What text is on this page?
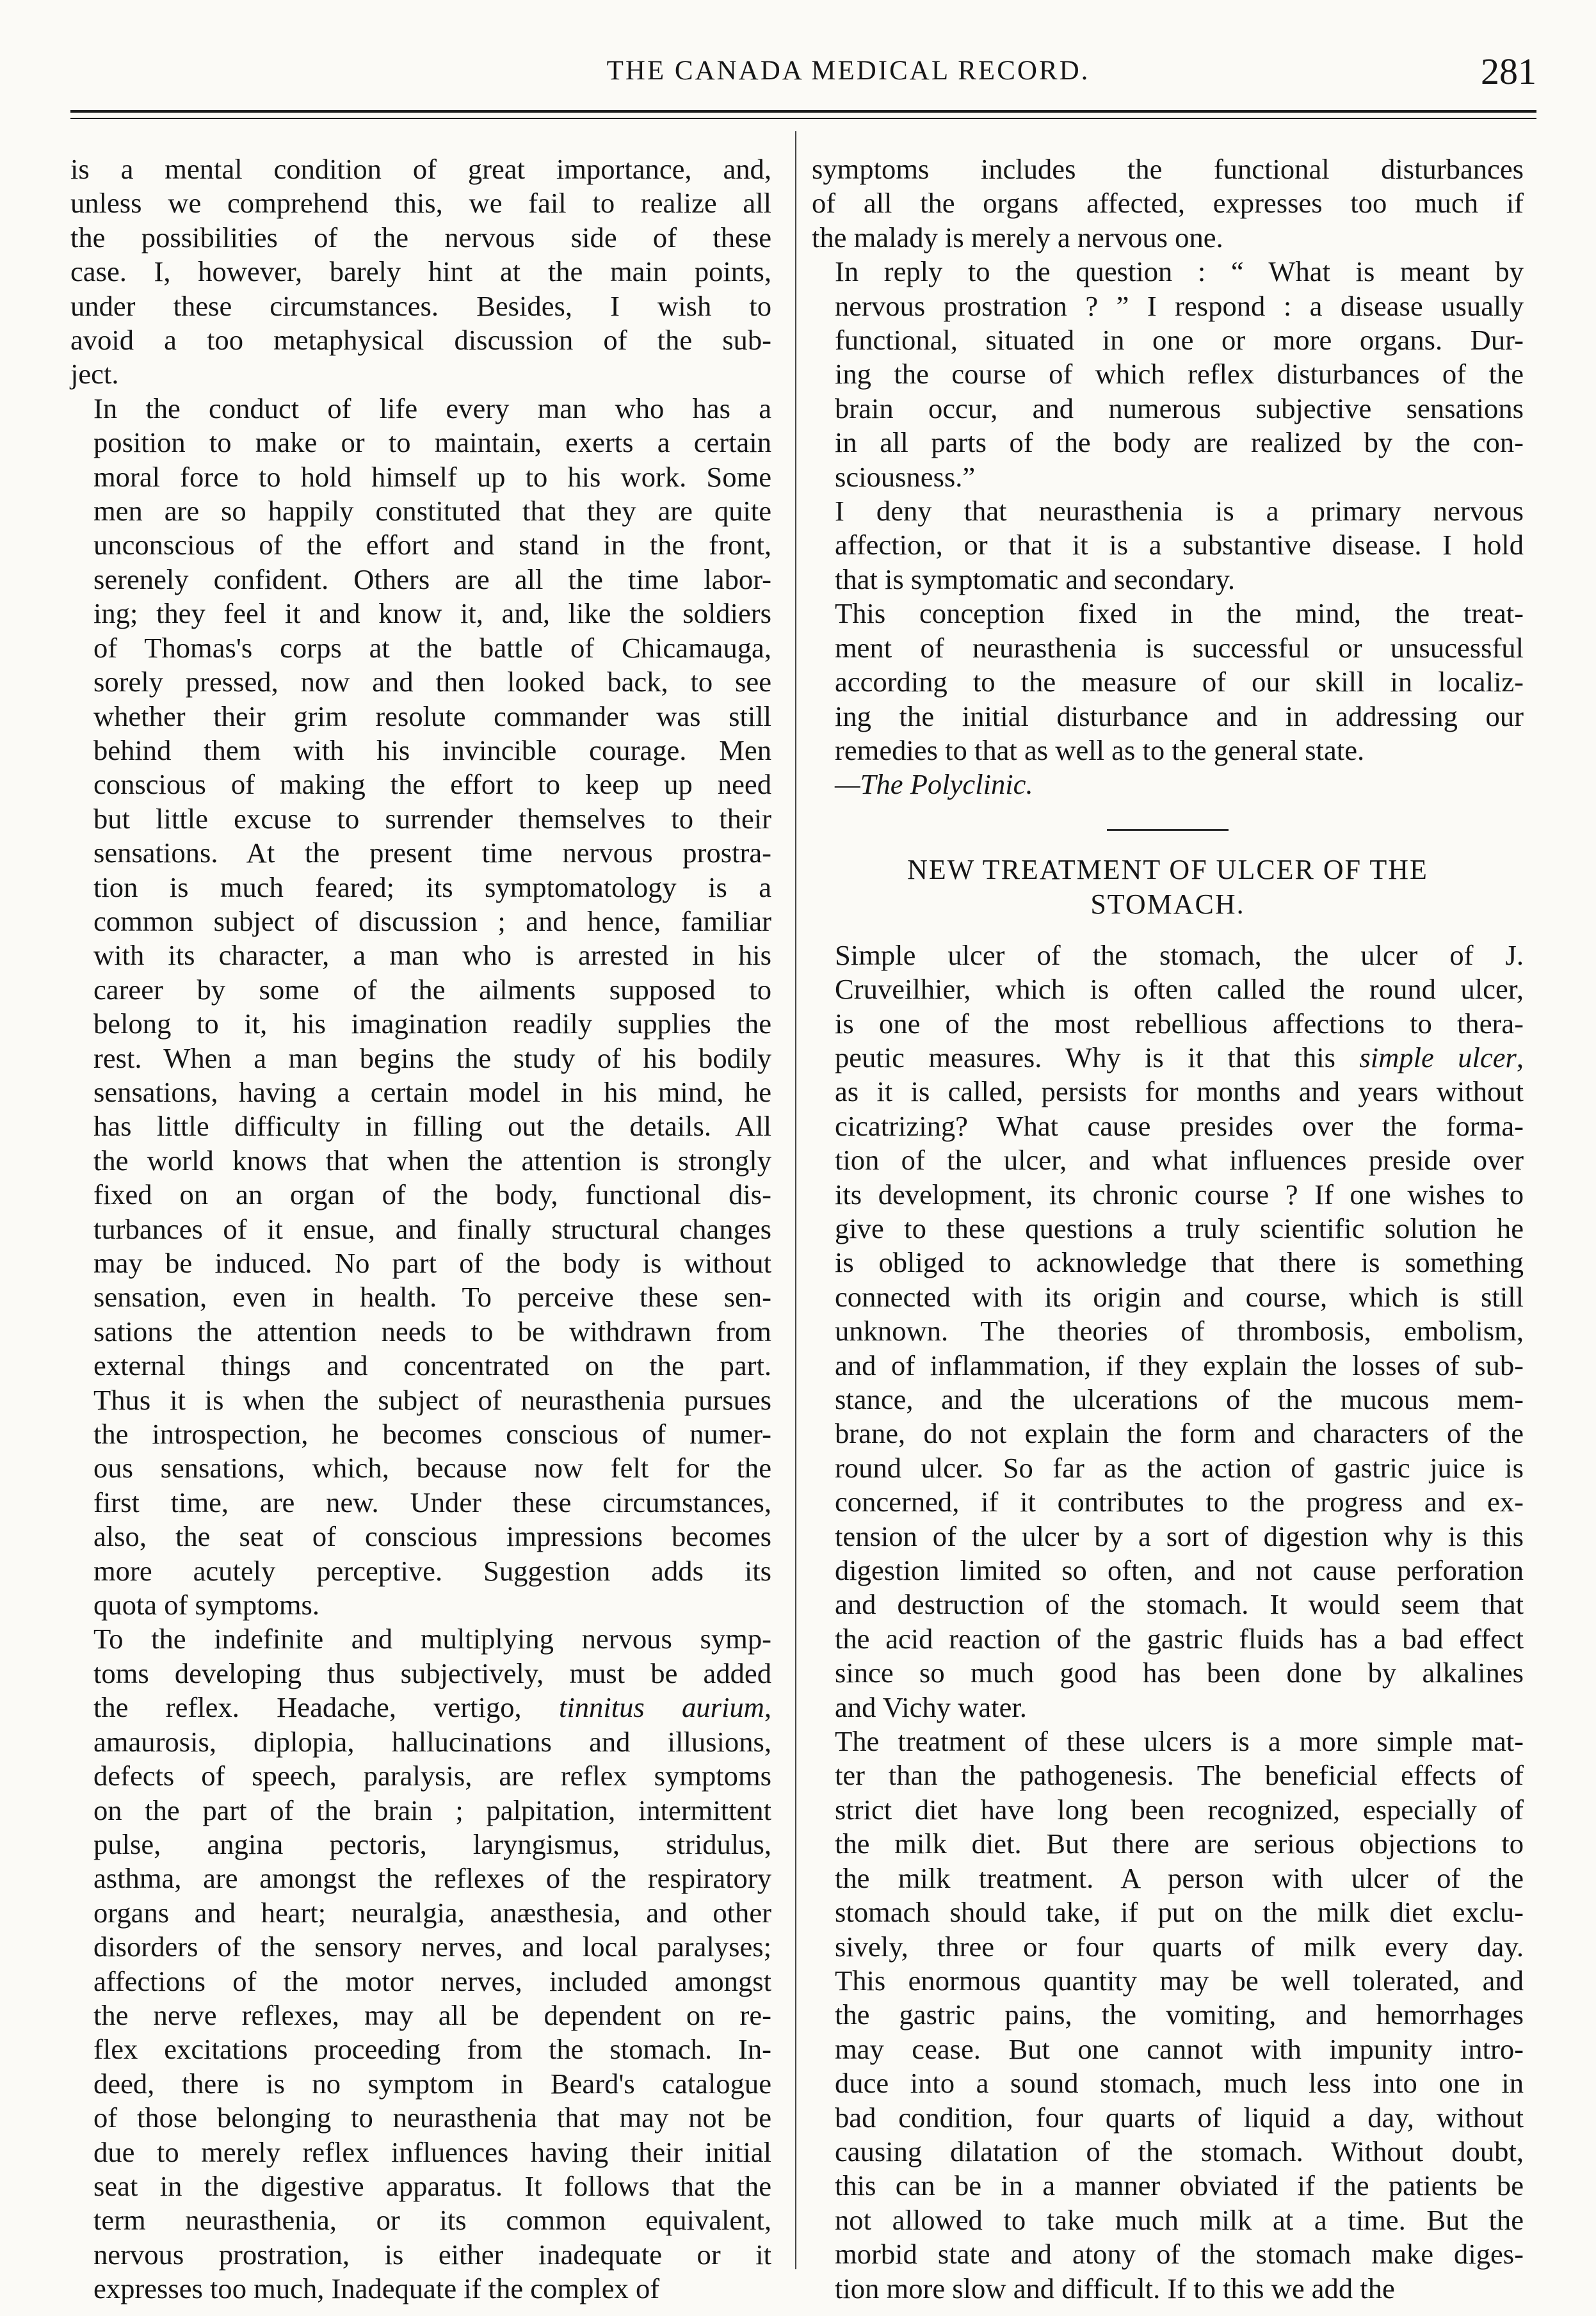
THE CANADA MEDICAL RECORD.	281

is a mental condition of great importance, and,
unless we comprehend this, we fail to realize all
the possibilities of the nervous side of these
case. I, however, barely hint at the main points,
under these circumstances. Besides, I wish to
avoid a too metaphysical discussion of the sub-
ject.

In the conduct of life every man who has a
position to make or to maintain, exerts a certain
moral force to hold himself up to his work. Some
men are so happily constituted that they are quite
unconscious of the effort and stand in the front,
serenely confident. Others are all the time labor-
ing; they feel it and know it, and, like the soldiers
of Thomas's corps at the battle of Chicamauga,
sorely pressed, now and then looked back, to see
whether their grim resolute commander was still
behind them with his invincible courage. Men
conscious of making the effort to keep up need
but little excuse to surrender themselves to their
sensations. At the present time nervous prostra-
tion is much feared; its symptomatology is a
common subject of discussion ; and hence, familiar
with its character, a man who is arrested in his
career by some of the ailments supposed to
belong to it, his imagination readily supplies the
rest. When a man begins the study of his bodily
sensations, having a certain model in his mind, he
has little difficulty in filling out the details. All
the world knows that when the attention is strongly
fixed on an organ of the body, functional dis-
turbances of it ensue, and finally structural changes
may be induced. No part of the body is without
sensation, even in health. To perceive these sen-
sations the attention needs to be withdrawn from
external things and concentrated on the part.
Thus it is when the subject of neurasthenia pursues
the introspection, he becomes conscious of numer-
ous sensations, which, because now felt for the
first time, are new. Under these circumstances,
also, the seat of conscious impressions becomes
more acutely perceptive. Suggestion adds its
quota of symptoms.

To the indefinite and multiplying nervous symp-
toms developing thus subjectively, must be added
the reflex. Headache, vertigo, tinnitus aurium,
amaurosis, diplopia, hallucinations and illusions,
defects of speech, paralysis, are reflex symptoms
on the part of the brain ; palpitation, intermittent
pulse, angina pectoris, laryngismus, stridulus,
asthma, are amongst the reflexes of the respiratory
organs and heart; neuralgia, anæsthesia, and other
disorders of the sensory nerves, and local paralyses;
affections of the motor nerves, included amongst
the nerve reflexes, may all be dependent on re-
flex excitations proceeding from the stomach. In-
deed, there is no symptom in Beard's catalogue
of those belonging to neurasthenia that may not be
due to merely reflex influences having their initial
seat in the digestive apparatus. It follows that the
term neurasthenia, or its common equivalent,
nervous prostration, is either inadequate or it
expresses too much, Inadequate if the complex of

symptoms includes the functional disturbances
of all the organs affected, expresses too much if
the malady is merely a nervous one.

In reply to the question : “ What is meant by
nervous prostration ? ” I respond : a disease usually
functional, situated in one or more organs. Dur-
ing the course of which reflex disturbances of the
brain occur, and numerous subjective sensations
in all parts of the body are realized by the con-
sciousness.”

I deny that neurasthenia is a primary nervous
affection, or that it is a substantive disease. I hold
that is symptomatic and secondary.

This conception fixed in the mind, the treat-
ment of neurasthenia is successful or unsucessful
according to the measure of our skill in localiz-
ing the initial disturbance and in addressing our
remedies to that as well as to the general state.

—The Polyclinic.

NEW TREATMENT OF ULCER OF THE
STOMACH.

Simple ulcer of the stomach, the ulcer of J.
Cruveilhier, which is often called the round ulcer,
is one of the most rebellious affections to thera-
peutic measures. Why is it that this simple ulcer,
as it is called, persists for months and years without
cicatrizing? What cause presides over the forma-
tion of the ulcer, and what influences preside over
its development, its chronic course ? If one wishes to
give to these questions a truly scientific solution he
is obliged to acknowledge that there is something
connected with its origin and course, which is still
unknown. The theories of thrombosis, embolism,
and of inflammation, if they explain the losses of sub-
stance, and the ulcerations of the mucous mem-
brane, do not explain the form and characters of the
round ulcer. So far as the action of gastric juice is
concerned, if it contributes to the progress and ex-
tension of the ulcer by a sort of digestion why is this
digestion limited so often, and not cause perforation
and destruction of the stomach. It would seem that
the acid reaction of the gastric fluids has a bad effect
since so much good has been done by alkalines
and Vichy water.

The treatment of these ulcers is a more simple mat-
ter than the pathogenesis. The beneficial effects of
strict diet have long been recognized, especially of
the milk diet. But there are serious objections to
the milk treatment. A person with ulcer of the
stomach should take, if put on the milk diet exclu-
sively, three or four quarts of milk every day.
This enormous quantity may be well tolerated, and
the gastric pains, the vomiting, and hemorrhages
may cease. But one cannot with impunity intro-
duce into a sound stomach, much less into one in
bad condition, four quarts of liquid a day, without
causing dilatation of the stomach. Without doubt,
this can be in a manner obviated if the patients be
not allowed to take much milk at a time. But the
morbid state and atony of the stomach make diges-
tion more slow and difficult. If to this we add the
